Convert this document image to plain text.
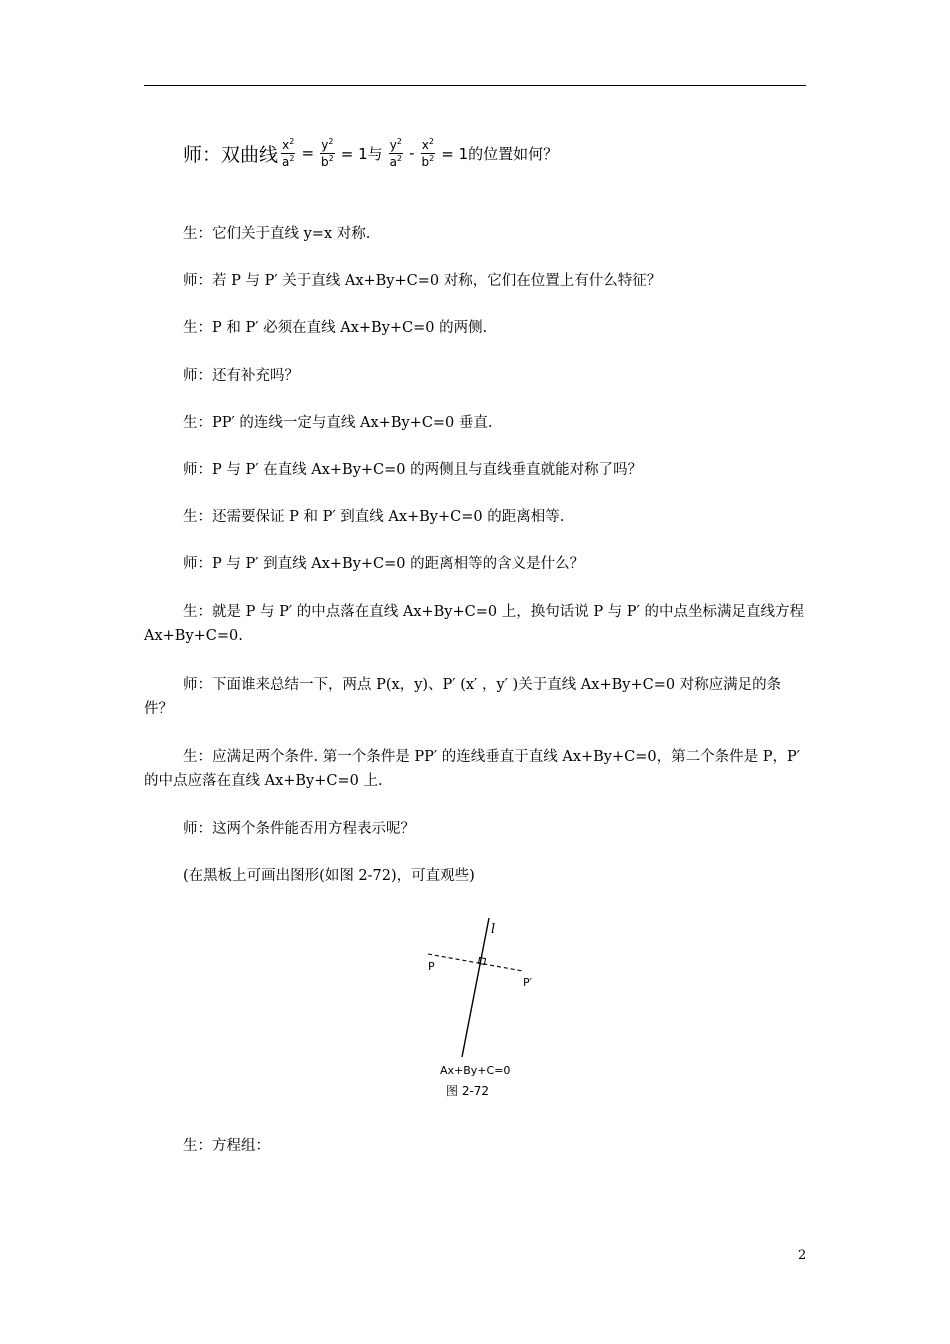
师：双曲线 $\frac{x^2}{a^2} = \frac{y^2}{b^2} = 1$与 $\frac{y^2}{a^2} - \frac{x^2}{b^2} = 1$的位置如何？
生：它们关于直线 y=x 对称.
师：若 P 与 P′ 关于直线 Ax+By+C=0 对称，它们在位置上有什么特征？
生：P 和 P′ 必须在直线 Ax+By+C=0 的两侧.
师：还有补充吗？
生：PP′ 的连线一定与直线 Ax+By+C=0 垂直.
师：P 与 P′ 在直线 Ax+By+C=0 的两侧且与直线垂直就能对称了吗？
生：还需要保证 P 和 P′ 到直线 Ax+By+C=0 的距离相等.
师：P 与 P′ 到直线 Ax+By+C=0 的距离相等的含义是什么？
生：就是 P 与 P′ 的中点落在直线 Ax+By+C=0 上，换句话说 P 与 P′ 的中点坐标满足直线方程 Ax+By+C=0.
师：下面谁来总结一下，两点 P(x，y)、P′ (x′ ，y′ )关于直线 Ax+By+C=0 对称应满足的条件？
生：应满足两个条件. 第一个条件是 PP′ 的连线垂直于直线 Ax+By+C=0，第二个条件是 P，P′ 的中点应落在直线 Ax+By+C=0 上.
师：这两个条件能否用方程表示呢？
(在黑板上可画出图形(如图 2-72)，可直观些)
l
P
P′
Ax+By+C=0
图 2-72
生：方程组：
2
